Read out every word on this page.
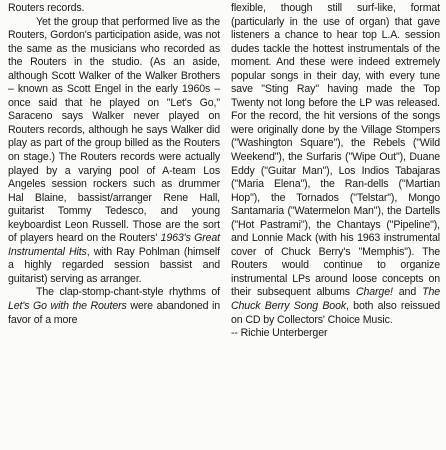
Routers records.

Yet the group that performed live as the Routers, Gordon's participation aside, was not the same as the musicians who recorded as the Routers in the studio. (As an aside, although Scott Walker of the Walker Brothers – known as Scott Engel in the early 1960s – once said that he played on "Let's Go," Saraceno says Walker never played on Routers records, although he says Walker did play as part of the group billed as the Routers on stage.) The Routers records were actually played by a varying pool of A-team Los Angeles session rockers such as drummer Hal Blaine, bassist/arranger Rene Hall, guitarist Tommy Tedesco, and young keyboardist Leon Russell. Those are the sort of players heard on the Routers' 1963's Great Instrumental Hits, with Ray Pohlman (himself a highly regarded session bassist and guitarist) serving as arranger.

The clap-stomp-chant-style rhythms of Let's Go with the Routers were abandoned in favor of a more

flexible, though still surf-like, format (particularly in the use of organ) that gave listeners a chance to hear top L.A. session dudes tackle the hottest instrumentals of the moment. And these were indeed extremely popular songs in their day, with every tune save "Sting Ray" having made the Top Twenty not long before the LP was released. For the record, the hit versions of the songs were originally done by the Village Stompers ("Washington Square"), the Rebels ("Wild Weekend"), the Surfaris ("Wipe Out"), Duane Eddy ("Guitar Man"), Los Indios Tabajaras ("Maria Elena"), the Ran-dells ("Martian Hop"), the Tornados ("Telstar"), Mongo Santamaria ("Watermelon Man"), the Dartells ("Hot Pastrami"), the Chantays ("Pipeline"), and Lonnie Mack (with his 1963 instrumental cover of Chuck Berry's "Memphis"). The Routers would continue to organize instrumental LPs around loose concepts on their subsequent albums Charge! and The Chuck Berry Song Book, both also reissued on CD by Collectors' Choice Music.

-- Richie Unterberger
